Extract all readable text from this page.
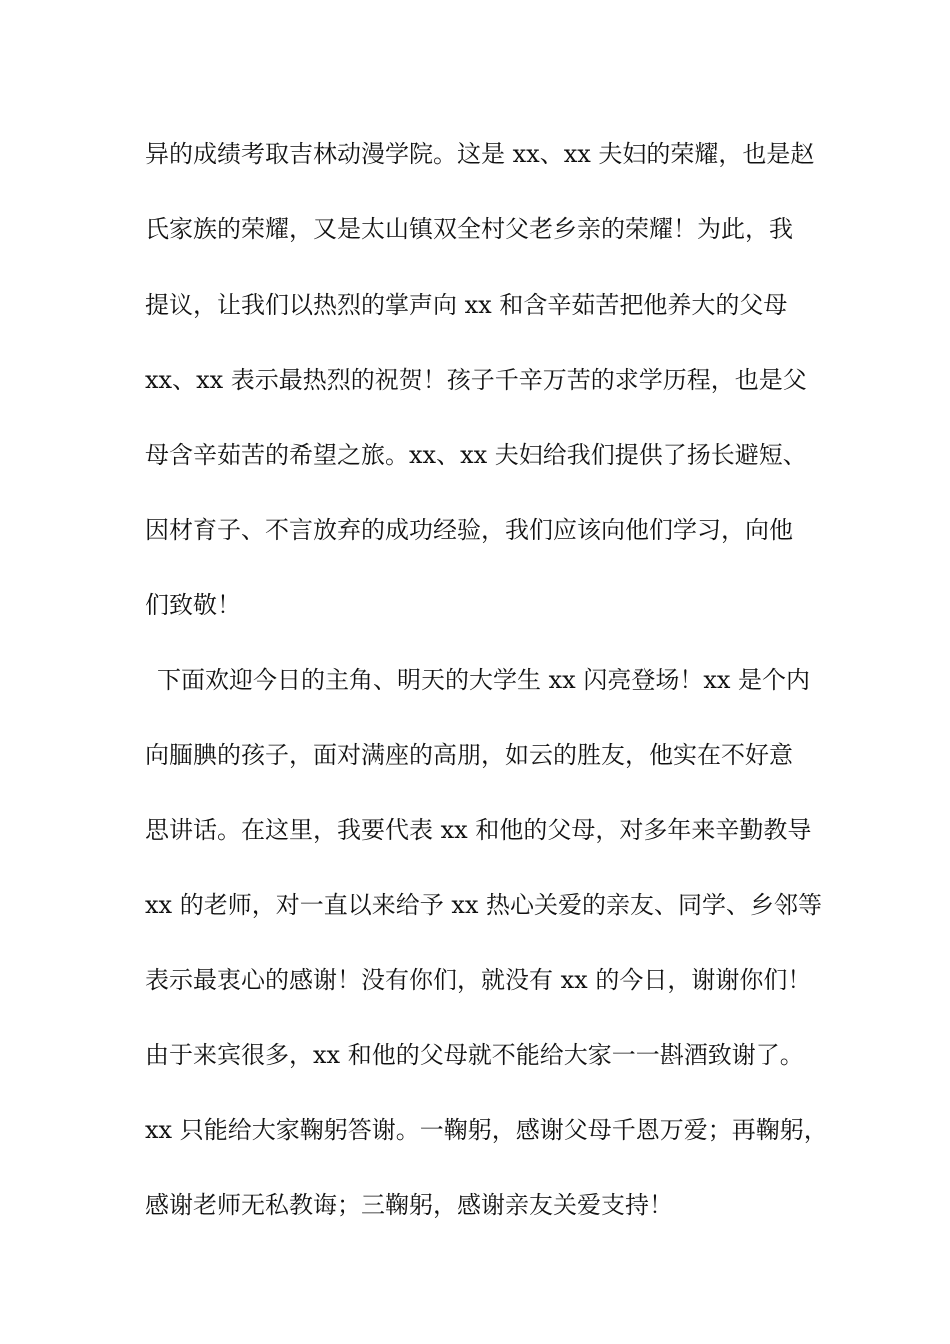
异的成绩考取吉林动漫学院。这是 xx、xx 夫妇的荣耀，也是赵
氏家族的荣耀，又是太山镇双全村父老乡亲的荣耀！为此，我
提议，让我们以热烈的掌声向 xx 和含辛茹苦把他养大的父母
xx、xx 表示最热烈的祝贺！孩子千辛万苦的求学历程，也是父
母含辛茹苦的希望之旅。xx、xx 夫妇给我们提供了扬长避短、
因材育子、不言放弃的成功经验，我们应该向他们学习，向他
们致敬！
下面欢迎今日的主角、明天的大学生 xx 闪亮登场！xx 是个内
向腼腆的孩子，面对满座的高朋，如云的胜友，他实在不好意
思讲话。在这里，我要代表 xx 和他的父母，对多年来辛勤教导
xx 的老师，对一直以来给予 xx 热心关爱的亲友、同学、乡邻等
表示最衷心的感谢！没有你们，就没有 xx 的今日，谢谢你们！
由于来宾很多，xx 和他的父母就不能给大家一一斟酒致谢了。
xx 只能给大家鞠躬答谢。一鞠躬，感谢父母千恩万爱；再鞠躬，
感谢老师无私教诲；三鞠躬，感谢亲友关爱支持！
